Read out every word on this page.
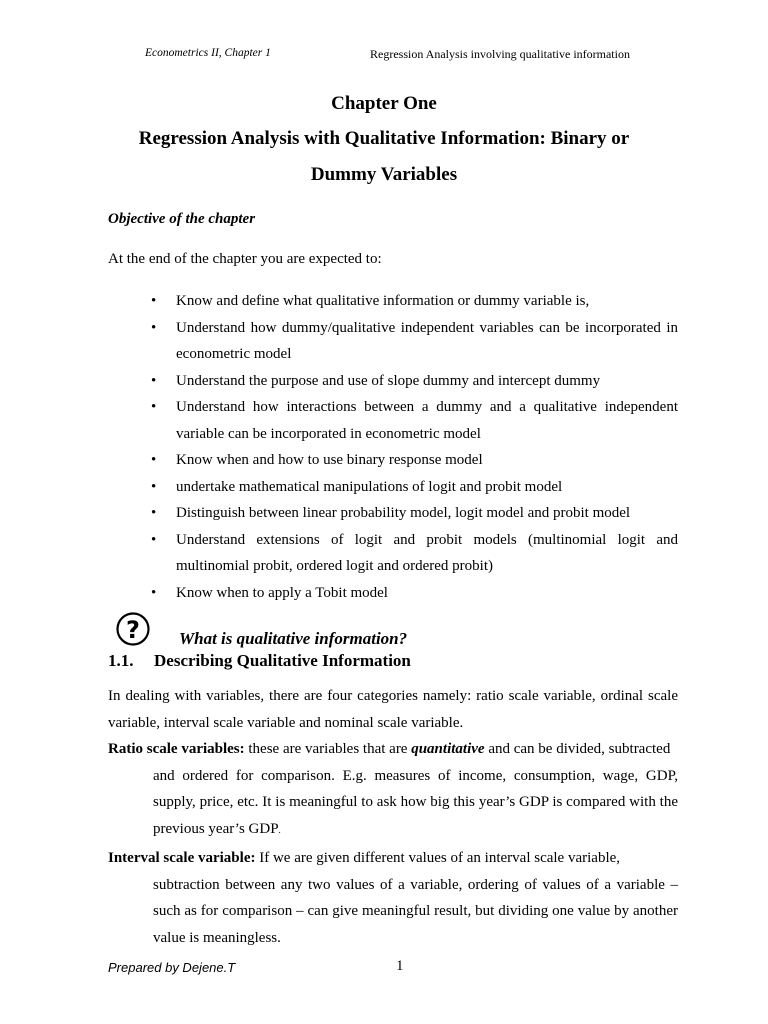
Econometrics II, Chapter 1	Regression Analysis involving qualitative information
Chapter One
Regression Analysis with Qualitative Information: Binary or
Dummy Variables
Objective of the chapter
At the end of the chapter you are expected to:
• Know and define what qualitative information or dummy variable is,
• Understand how dummy/qualitative independent variables can be incorporated in econometric model
• Understand the purpose and use of slope dummy and intercept dummy
• Understand how interactions between a dummy and a qualitative independent variable can be incorporated in econometric model
• Know when and how to use binary response model
• undertake mathematical manipulations of logit and probit model
• Distinguish between linear probability model, logit model and probit model
• Understand extensions of logit and probit models (multinomial logit and multinomial probit, ordered logit and ordered probit)
• Know when to apply a Tobit model
? What is qualitative information?
1.1. Describing Qualitative Information
In dealing with variables, there are four categories namely: ratio scale variable, ordinal scale variable, interval scale variable and nominal scale variable.
Ratio scale variables: these are variables that are quantitative and can be divided, subtracted
and ordered for comparison. E.g. measures of income, consumption, wage, GDP, supply, price, etc. It is meaningful to ask how big this year’s GDP is compared with the previous year’s GDP.
Interval scale variable: If we are given different values of an interval scale variable,
subtraction between any two values of a variable, ordering of values of a variable – such as for comparison – can give meaningful result, but dividing one value by another value is meaningless.
Prepared by Dejene.T	1
